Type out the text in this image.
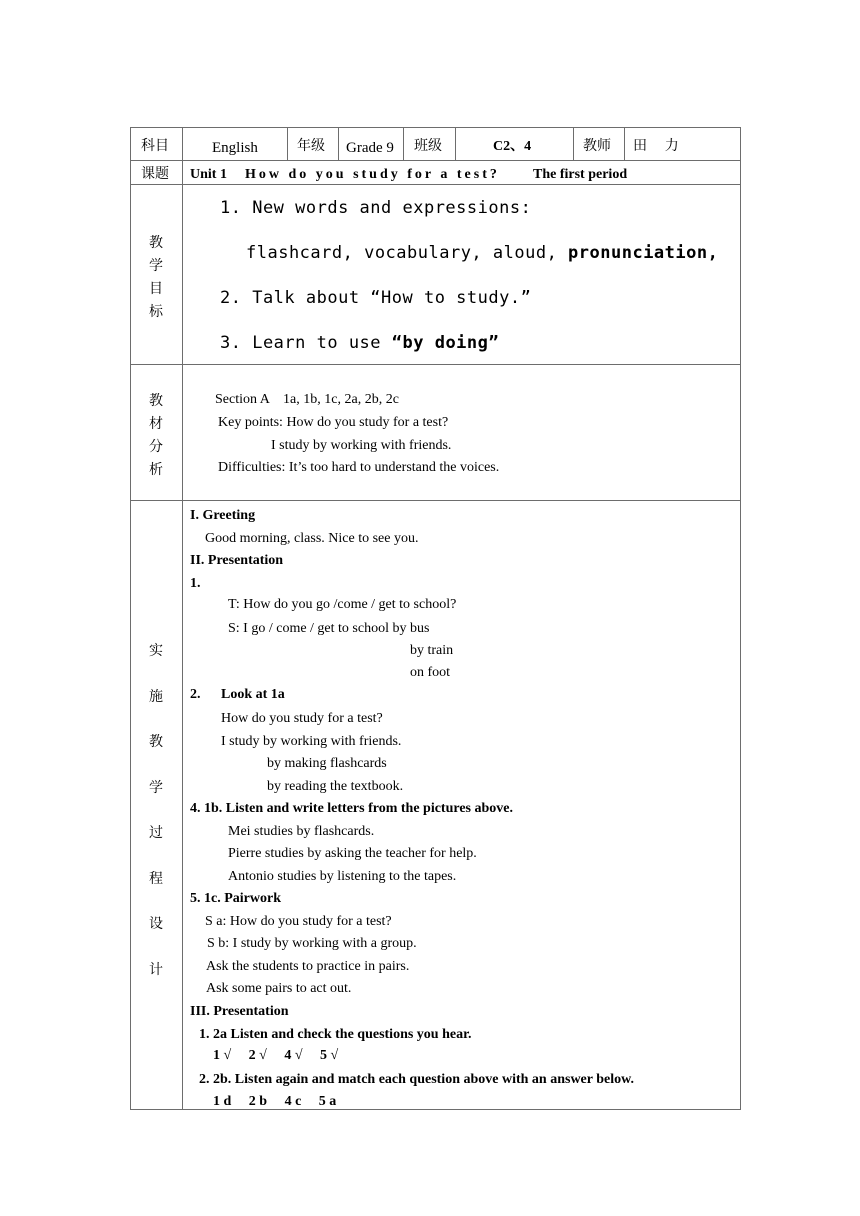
科目	English	年级 Grade 9 班级	C2、4	教师 田    力
课题 Unit 1 How do you study for a test? The first period
教
学
目
标
1. New words and expressions:
flashcard, vocabulary, aloud, pronunciation,
2. Talk about “How to study.”
3. Learn to use “by doing”
教
材
分
析
Section A    1a, 1b, 1c, 2a, 2b, 2c
Key points: How do you study for a test?
I study by working with friends.
Difficulties: It’s too hard to understand the voices.
实
施
教
学
过
程
设
计
I. Greeting
Good morning, class. Nice to see you.
II. Presentation
1.
T: How do you go /come / get to school?
S: I go / come / get to school by bus
by train
on foot
2. Look at 1a
How do you study for a test?
I study by working with friends.
by making flashcards
by reading the textbook.
4. 1b. Listen and write letters from the pictures above.
Mei studies by flashcards.
Pierre studies by asking the teacher for help.
Antonio studies by listening to the tapes.
5. 1c. Pairwork
S a: How do you study for a test?
S b: I study by working with a group.
Ask the students to practice in pairs.
Ask some pairs to act out.
III. Presentation
1. 2a Listen and check the questions you hear.
1 √     2 √     4 √     5 √
2. 2b. Listen again and match each question above with an answer below.
1 d     2 b     4 c     5 a
